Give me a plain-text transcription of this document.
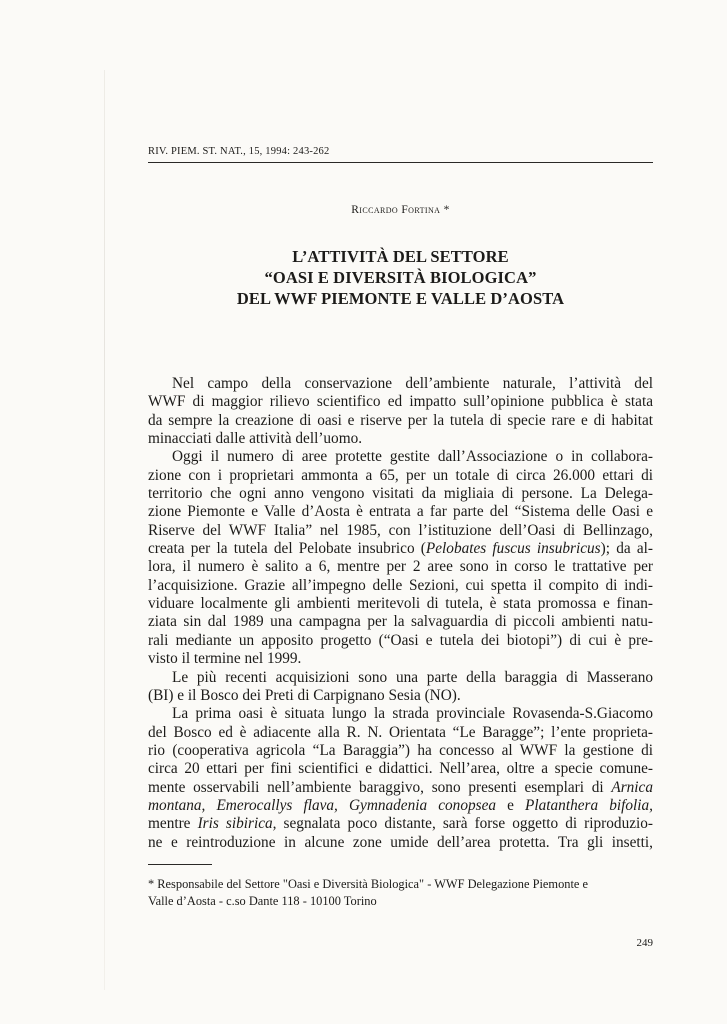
RIV. PIEM. ST. NAT., 15, 1994: 243-262
Riccardo Fortina *
L’ATTIVITÀ DEL SETTORE
“OASI E DIVERSITÀ BIOLOGICA”
DEL WWF PIEMONTE E VALLE D’AOSTA
Nel campo della conservazione dell’ambiente naturale, l’attività del
WWF di maggior rilievo scientifico ed impatto sull’opinione pubblica è stata
da sempre la creazione di oasi e riserve per la tutela di specie rare e di habitat
minacciati dalle attività dell’uomo.
Oggi il numero di aree protette gestite dall’Associazione o in collabora-
zione con i proprietari ammonta a 65, per un totale di circa 26.000 ettari di
territorio che ogni anno vengono visitati da migliaia di persone. La Delega-
zione Piemonte e Valle d’Aosta è entrata a far parte del “Sistema delle Oasi e
Riserve del WWF Italia” nel 1985, con l’istituzione dell’Oasi di Bellinzago,
creata per la tutela del Pelobate insubrico (Pelobates fuscus insubricus); da al-
lora, il numero è salito a 6, mentre per 2 aree sono in corso le trattative per
l’acquisizione. Grazie all’impegno delle Sezioni, cui spetta il compito di indi-
viduare localmente gli ambienti meritevoli di tutela, è stata promossa e finan-
ziata sin dal 1989 una campagna per la salvaguardia di piccoli ambienti natu-
rali mediante un apposito progetto (“Oasi e tutela dei biotopi”) di cui è pre-
visto il termine nel 1999.
Le più recenti acquisizioni sono una parte della baraggia di Masserano
(BI) e il Bosco dei Preti di Carpignano Sesia (NO).
La prima oasi è situata lungo la strada provinciale Rovasenda-S.Giacomo
del Bosco ed è adiacente alla R. N. Orientata “Le Baragge”; l’ente proprieta-
rio (cooperativa agricola “La Baraggia”) ha concesso al WWF la gestione di
circa 20 ettari per fini scientifici e didattici. Nell’area, oltre a specie comune-
mente osservabili nell’ambiente baraggivo, sono presenti esemplari di Arnica
montana, Emerocallys flava, Gymnadenia conopsea e Platanthera bifolia,
mentre Iris sibirica, segnalata poco distante, sarà forse oggetto di riproduzio-
ne e reintroduzione in alcune zone umide dell’area protetta. Tra gli insetti,
* Responsabile del Settore "Oasi e Diversità Biologica" - WWF Delegazione Piemonte e
Valle d’Aosta - c.so Dante 118 - 10100 Torino
249
